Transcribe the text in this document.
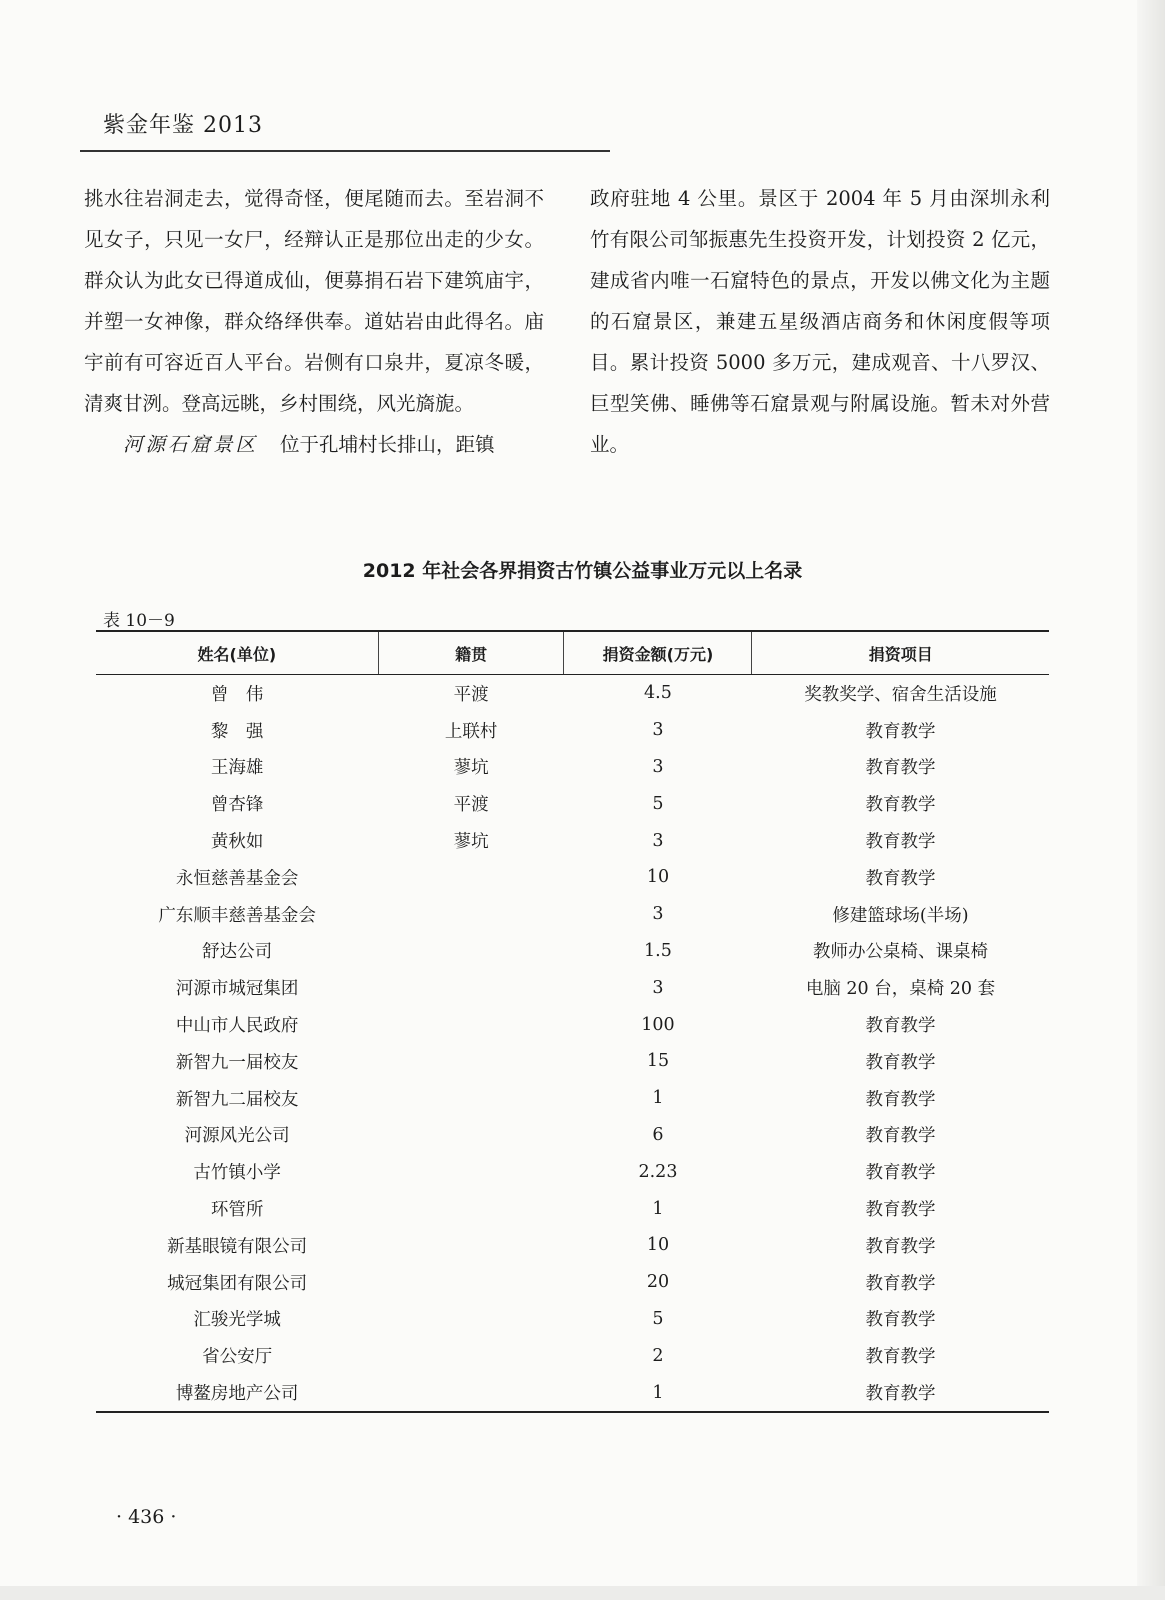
紫金年鉴 2013

挑水往岩洞走去，觉得奇怪，便尾随而去。至岩洞不见女子，只见一女尸，经辩认正是那位出走的少女。群众认为此女已得道成仙，便募捐石岩下建筑庙宇，并塑一女神像，群众络绎供奉。道姑岩由此得名。庙宇前有可容近百人平台。岩侧有口泉井，夏凉冬暖，清爽甘洌。登高远眺，乡村围绕，风光旖旎。

河源石窟景区 位于孔埔村长排山，距镇

政府驻地 4 公里。景区于 2004 年 5 月由深圳永利竹有限公司邹振惠先生投资开发，计划投资 2 亿元，建成省内唯一石窟特色的景点，开发以佛文化为主题的石窟景区，兼建五星级酒店商务和休闲度假等项目。累计投资 5000 多万元，建成观音、十八罗汉、巨型笑佛、睡佛等石窟景观与附属设施。暂未对外营业。

2012 年社会各界捐资古竹镇公益事业万元以上名录
表 10－9
姓名(单位)	籍贯	捐资金额(万元)	捐资项目
曾　伟	平渡	4.5	奖教奖学、宿舍生活设施
黎　强	上联村	3	教育教学
王海雄	蓼坑	3	教育教学
曾杏锋	平渡	5	教育教学
黄秋如	蓼坑	3	教育教学
永恒慈善基金会		10	教育教学
广东顺丰慈善基金会		3	修建篮球场(半场)
舒达公司		1.5	教师办公桌椅、课桌椅
河源市城冠集团		3	电脑 20 台，桌椅 20 套
中山市人民政府		100	教育教学
新智九一届校友		15	教育教学
新智九二届校友		1	教育教学
河源风光公司		6	教育教学
古竹镇小学		2.23	教育教学
环管所		1	教育教学
新基眼镜有限公司		10	教育教学
城冠集团有限公司		20	教育教学
汇骏光学城		5	教育教学
省公安厅		2	教育教学
博鳌房地产公司		1	教育教学
· 436 ·
